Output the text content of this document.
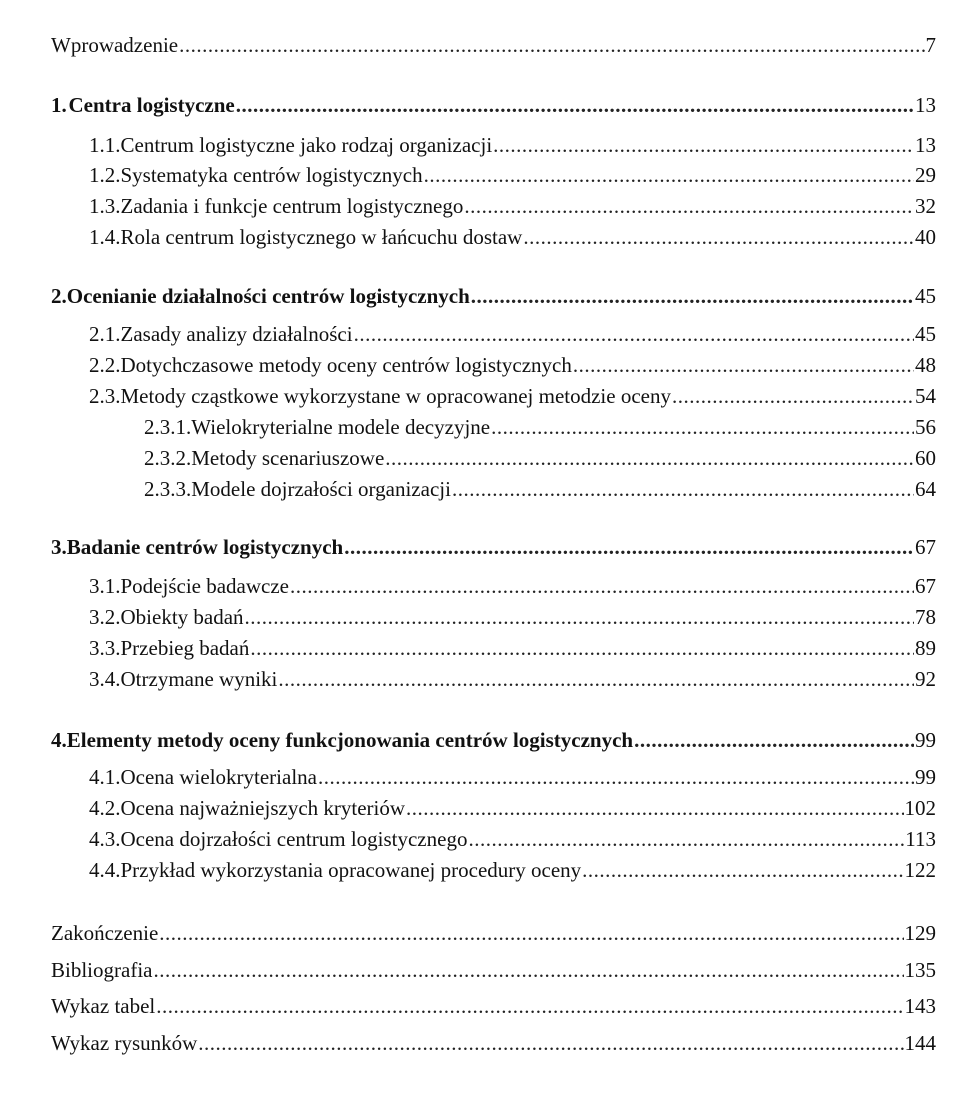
Wprowadzenie .....	7
1. Centra logistyczne .....	13
1.1. Centrum logistyczne jako rodzaj organizacji .....	13
1.2. Systematyka centrów logistycznych .....	29
1.3. Zadania i funkcje centrum logistycznego .....	32
1.4. Rola centrum logistycznego w łańcuchu dostaw .....	40
2. Ocenianie działalności centrów logistycznych .....	45
2.1. Zasady analizy działalności .....	45
2.2. Dotychczasowe metody oceny centrów logistycznych .....	48
2.3. Metody cząstkowe wykorzystane w opracowanej metodzie oceny .....	54
2.3.1. Wielokryterialne modele decyzyjne .....	56
2.3.2. Metody scenariuszowe .....	60
2.3.3. Modele dojrzałości organizacji .....	64
3. Badanie centrów logistycznych .....	67
3.1. Podejście badawcze .....	67
3.2. Obiekty badań .....	78
3.3. Przebieg badań .....	89
3.4. Otrzymane wyniki .....	92
4. Elementy metody oceny funkcjonowania centrów logistycznych .....	99
4.1. Ocena wielokryterialna .....	99
4.2. Ocena najważniejszych kryteriów .....	102
4.3. Ocena dojrzałości centrum logistycznego .....	113
4.4. Przykład wykorzystania opracowanej procedury oceny .....	122
Zakończenie .....	129
Bibliografia .....	135
Wykaz tabel .....	143
Wykaz rysunków .....	144
